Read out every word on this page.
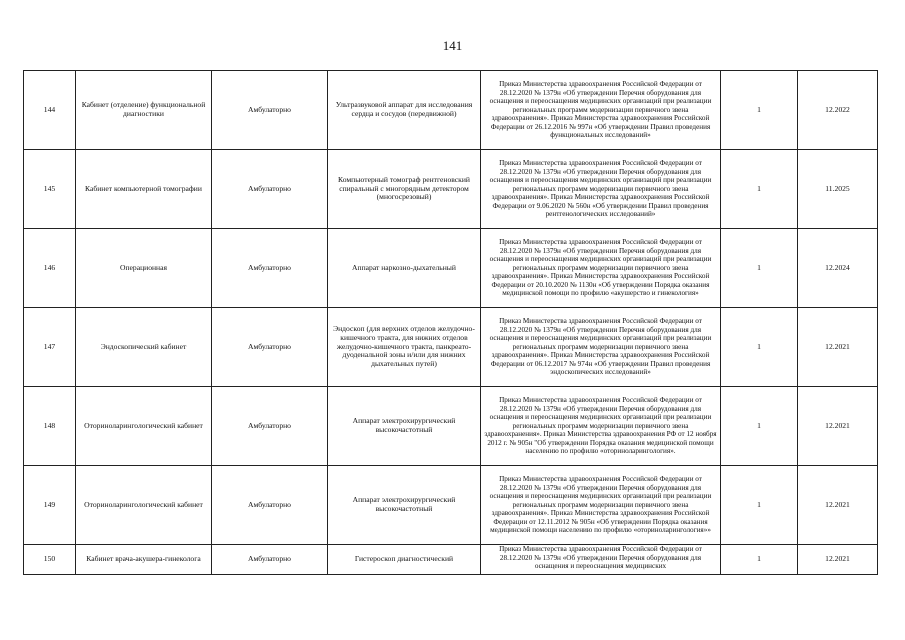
141
144	Кабинет (отделение) функциональной диагностики	Амбулаторно	Ультразвуковой аппарат для исследования сердца и сосудов (передвижной)	Приказ Министерства здравоохранения Российской Федерации от 28.12.2020 № 1379н «Об утверждении Перечня оборудования для оснащения и переоснащения медицинских организаций при реализации региональных программ модернизации первичного звена здравоохранения». Приказ Министерства здравоохранения Российской Федерации от 26.12.2016 № 997н «Об утверждении Правил проведения функциональных исследований»	1	12.2022
145	Кабинет компьютерной томографии	Амбулаторно	Компьютерный томограф рентгеновский спиральный с многорядным детектором (многосрезовый)	Приказ Министерства здравоохранения Российской Федерации от 28.12.2020 № 1379н «Об утверждении Перечня оборудования для оснащения и переоснащения медицинских организаций при реализации региональных программ модернизации первичного звена здравоохранения». Приказ Министерства здравоохранения Российской Федерации от 9.06.2020 № 560н «Об утверждении Правил проведения рентгенологических исследований»	1	11.2025
146	Операционная	Амбулаторно	Аппарат наркозно-дыхательный	Приказ Министерства здравоохранения Российской Федерации от 28.12.2020 № 1379н «Об утверждении Перечня оборудования для оснащения и переоснащения медицинских организаций при реализации региональных программ модернизации первичного звена здравоохранения». Приказ Министерства здравоохранения Российской Федерации от 20.10.2020 № 1130н «Об утверждении Порядка оказания медицинской помощи по профилю «акушерство и гинекология»	1	12.2024
147	Эндоскопический кабинет	Амбулаторно	Эндоскоп (для верхних отделов желудочно-кишечного тракта, для нижних отделов желудочно-кишечного тракта, панкреато-дуоденальной зоны и/или для нижних дыхательных путей)	Приказ Министерства здравоохранения Российской Федерации от 28.12.2020 № 1379н «Об утверждении Перечня оборудования для оснащения и переоснащения медицинских организаций при реализации региональных программ модернизации первичного звена здравоохранения». Приказ Министерства здравоохранения Российской Федерации от 06.12.2017 № 974н «Об утверждении Правил проведения эндоскопических исследований»	1	12.2021
148	Оториноларингологический кабинет	Амбулаторно	Аппарат электрохирургический высокочастотный	Приказ Министерства здравоохранения Российской Федерации от 28.12.2020 № 1379н «Об утверждении Перечня оборудования для оснащения и переоснащения медицинских организаций при реализации региональных программ модернизации первичного звена здравоохранения». Приказ Министерства здравоохранения РФ от 12 ноября 2012 г. № 905н "Об утверждении Порядка оказания медицинской помощи населению по профилю «оториноларингология».	1	12.2021
149	Оториноларингологический кабинет	Амбулаторно	Аппарат электрохирургический высокочастотный	Приказ Министерства здравоохранения Российской Федерации от 28.12.2020 № 1379н «Об утверждении Перечня оборудования для оснащения и переоснащения медицинских организаций при реализации региональных программ модернизации первичного звена здравоохранения». Приказ Министерства здравоохранения Российской Федерации от 12.11.2012 № 905н «Об утверждении Порядка оказания медицинской помощи населению по профилю «оториноларингология»»	1	12.2021
150	Кабинет врача-акушера-гинеколога	Амбулаторно	Гистероскоп диагностический	Приказ Министерства здравоохранения Российской Федерации от 28.12.2020 № 1379н «Об утверждении Перечня оборудования для оснащения и переоснащения медицинских	1	12.2021
